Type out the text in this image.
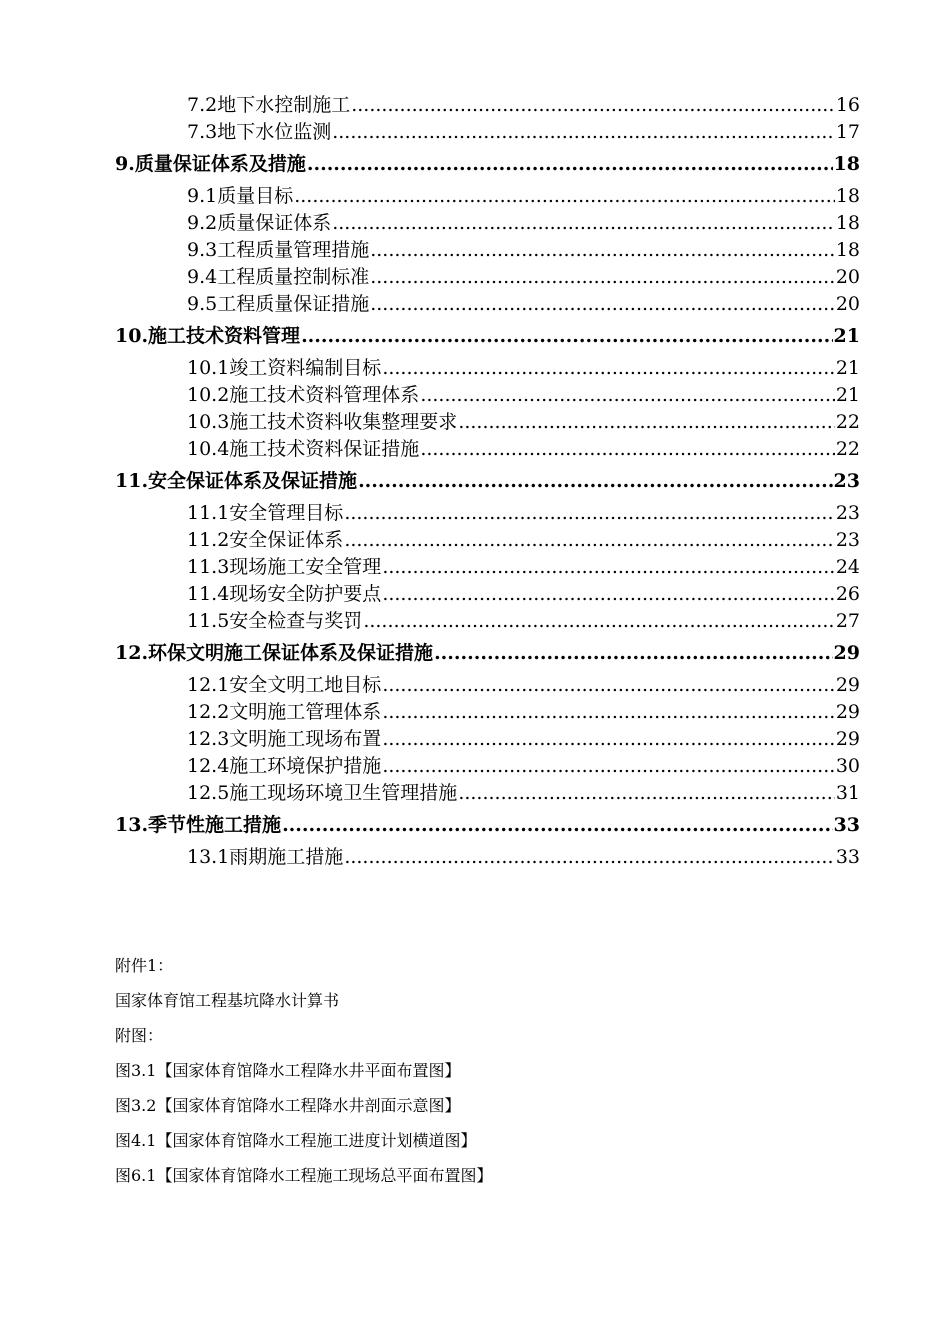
7.2地下水控制施工 .....	16
7.3地下水位监测 .....	17
9.质量保证体系及措施 .....	18
9.1质量目标 .....	18
9.2质量保证体系 .....	18
9.3工程质量管理措施 .....	18
9.4工程质量控制标准 .....	20
9.5工程质量保证措施 .....	20
10.施工技术资料管理 .....	21
10.1竣工资料编制目标 .....	21
10.2施工技术资料管理体系 .....	21
10.3施工技术资料收集整理要求 .....	22
10.4施工技术资料保证措施 .....	22
11.安全保证体系及保证措施 .....	23
11.1安全管理目标 .....	23
11.2安全保证体系 .....	23
11.3现场施工安全管理 .....	24
11.4现场安全防护要点 .....	26
11.5安全检查与奖罚 .....	27
12.环保文明施工保证体系及保证措施 .....	29
12.1安全文明工地目标 .....	29
12.2文明施工管理体系 .....	29
12.3文明施工现场布置 .....	29
12.4施工环境保护措施 .....	30
12.5施工现场环境卫生管理措施 .....	31
13.季节性施工措施 .....	33
13.1雨期施工措施 .....	33
附件1：
国家体育馆工程基坑降水计算书
附图：
图3.1【国家体育馆降水工程降水井平面布置图】
图3.2【国家体育馆降水工程降水井剖面示意图】
图4.1【国家体育馆降水工程施工进度计划横道图】
图6.1【国家体育馆降水工程施工现场总平面布置图】
